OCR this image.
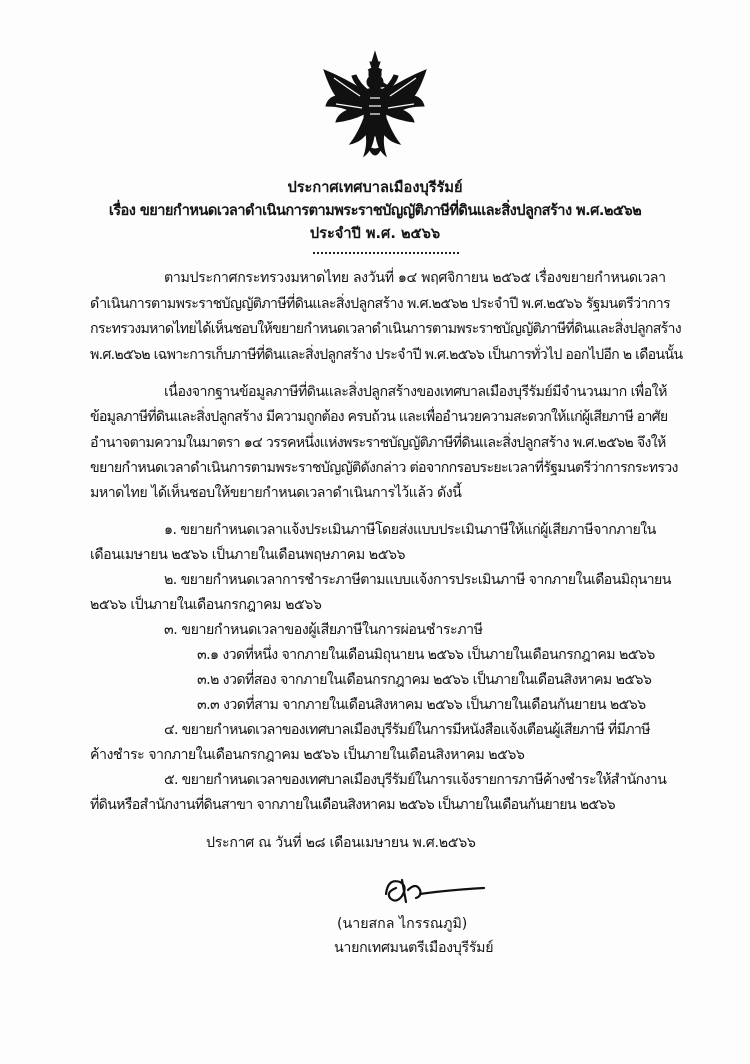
ประกาศเทศบาลเมืองบุรีรัมย์
เรื่อง ขยายกำหนดเวลาดำเนินการตามพระราชบัญญัติภาษีที่ดินและสิ่งปลูกสร้าง พ.ศ.๒๕๖๒
ประจำปี พ.ศ. ๒๕๖๖
ตามประกาศกระทรวงมหาดไทย ลงวันที่ ๑๔ พฤศจิกายน ๒๕๖๕ เรื่องขยายกำหนดเวลา
ดำเนินการตามพระราชบัญญัติภาษีที่ดินและสิ่งปลูกสร้าง พ.ศ.๒๕๖๒ ประจำปี พ.ศ.๒๕๖๖ รัฐมนตรีว่าการ
กระทรวงมหาดไทยได้เห็นชอบให้ขยายกำหนดเวลาดำเนินการตามพระราชบัญญัติภาษีที่ดินและสิ่งปลูกสร้าง
พ.ศ.๒๕๖๒ เฉพาะการเก็บภาษีที่ดินและสิ่งปลูกสร้าง ประจำปี พ.ศ.๒๕๖๖ เป็นการทั่วไป ออกไปอีก ๒ เดือนนั้น
เนื่องจากฐานข้อมูลภาษีที่ดินและสิ่งปลูกสร้างของเทศบาลเมืองบุรีรัมย์มีจำนวนมาก เพื่อให้
ข้อมูลภาษีที่ดินและสิ่งปลูกสร้าง มีความถูกต้อง ครบถ้วน และเพื่ออำนวยความสะดวกให้แก่ผู้เสียภาษี อาศัย
อำนาจตามความในมาตรา ๑๔ วรรคหนึ่งแห่งพระราชบัญญัติภาษีที่ดินและสิ่งปลูกสร้าง พ.ศ.๒๕๖๒ จึงให้
ขยายกำหนดเวลาดำเนินการตามพระราชบัญญัติดังกล่าว ต่อจากกรอบระยะเวลาที่รัฐมนตรีว่าการกระทรวง
มหาดไทย ได้เห็นชอบให้ขยายกำหนดเวลาดำเนินการไว้แล้ว ดังนี้
๑. ขยายกำหนดเวลาแจ้งประเมินภาษีโดยส่งแบบประเมินภาษีให้แก่ผู้เสียภาษีจากภายใน
เดือนเมษายน ๒๕๖๖ เป็นภายในเดือนพฤษภาคม ๒๕๖๖
๒. ขยายกำหนดเวลาการชำระภาษีตามแบบแจ้งการประเมินภาษี จากภายในเดือนมิถุนายน
๒๕๖๖ เป็นภายในเดือนกรกฎาคม ๒๕๖๖
๓. ขยายกำหนดเวลาของผู้เสียภาษีในการผ่อนชำระภาษี
๓.๑ งวดที่หนึ่ง จากภายในเดือนมิถุนายน ๒๕๖๖ เป็นภายในเดือนกรกฎาคม ๒๕๖๖
๓.๒ งวดที่สอง จากภายในเดือนกรกฎาคม ๒๕๖๖ เป็นภายในเดือนสิงหาคม ๒๕๖๖
๓.๓ งวดที่สาม จากภายในเดือนสิงหาคม ๒๕๖๖ เป็นภายในเดือนกันยายน ๒๕๖๖
๔. ขยายกำหนดเวลาของเทศบาลเมืองบุรีรัมย์ในการมีหนังสือแจ้งเตือนผู้เสียภาษี ที่มีภาษี
ค้างชำระ จากภายในเดือนกรกฎาคม ๒๕๖๖ เป็นภายในเดือนสิงหาคม ๒๕๖๖
๕. ขยายกำหนดเวลาของเทศบาลเมืองบุรีรัมย์ในการแจ้งรายการภาษีค้างชำระให้สำนักงาน
ที่ดินหรือสำนักงานที่ดินสาขา จากภายในเดือนสิงหาคม ๒๕๖๖ เป็นภายในเดือนกันยายน ๒๕๖๖
ประกาศ ณ วันที่ ๒๘ เดือนเมษายน พ.ศ.๒๕๖๖
(นายสกล ไกรรณภูมิ)
นายกเทศมนตรีเมืองบุรีรัมย์
